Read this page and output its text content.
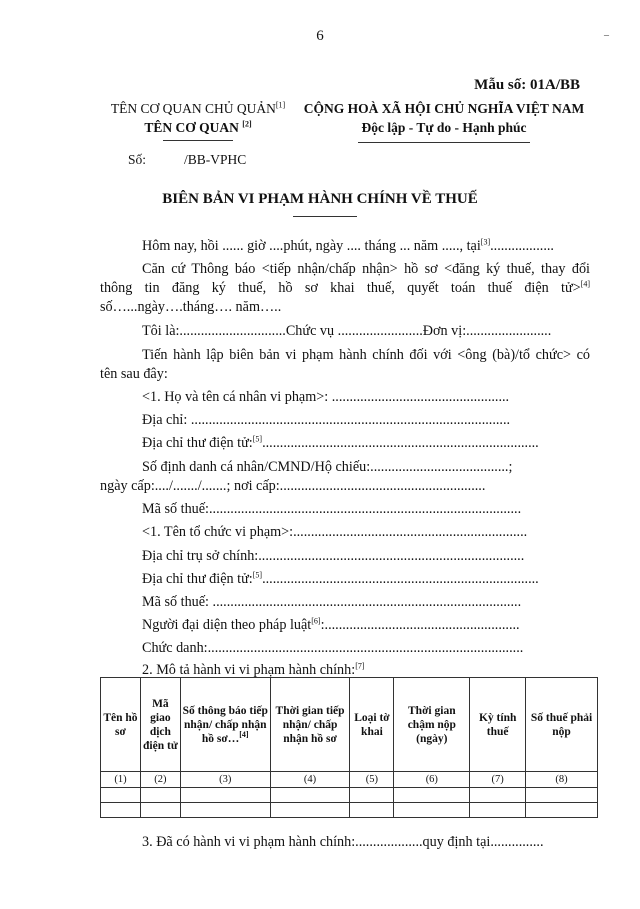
6	–
Mẫu số: 01A/BB
TÊN CƠ QUAN CHỦ QUẢN[1]
TÊN CƠ QUAN [2]
CỘNG HOÀ XÃ HỘI CHỦ NGHĨA VIỆT NAM
Độc lập - Tự do - Hạnh phúc
Số:	/BB-VPHC
BIÊN BẢN VI PHẠM HÀNH CHÍNH VỀ THUẾ
Hôm nay, hồi ...... giờ ....phút, ngày .... tháng ... năm ....., tại[3]..................
Căn cứ Thông báo <tiếp nhận/chấp nhận> hồ sơ <đăng ký thuế, thay đổi
thông tin đăng ký thuế, hồ sơ khai thuế, quyết toán thuế điện tử>[4]
số…...ngày….tháng…. năm…..
Tôi là:..............................Chức vụ ........................Đơn vị:........................
Tiến hành lập biên bản vi phạm hành chính đối với <ông (bà)/tổ chức> có
tên sau đây:
<1. Họ và tên cá nhân vi phạm>: ..................................................
Địa chỉ: ..........................................................................................
Địa chỉ thư điện tử:[5]..............................................................................
Số định danh cá nhân/CMND/Hộ chiếu:.......................................;
ngày cấp:..../......./.......; nơi cấp:..........................................................
Mã số thuế:........................................................................................
<1. Tên tổ chức vi phạm>:..................................................................
Địa chỉ trụ sở chính:...........................................................................
Địa chỉ thư điện tử:[5]..............................................................................
Mã số thuế: .......................................................................................
Người đại diện theo pháp luật[6]:.......................................................
Chức danh:.........................................................................................
2. Mô tả hành vi vi phạm hành chính:[7]
Tên hồ sơ	Mã giao dịch điện tử	Số thông báo tiếp nhận/ chấp nhận hồ sơ…[4]	Thời gian tiếp nhận/ chấp nhận hồ sơ	Loại tờ khai	Thời gian chậm nộp (ngày)	Kỳ tính thuế	Số thuế phải nộp
(1)	(2)	(3)	(4)	(5)	(6)	(7)	(8)

3. Đã có hành vi vi phạm hành chính:...................quy định tại...............
